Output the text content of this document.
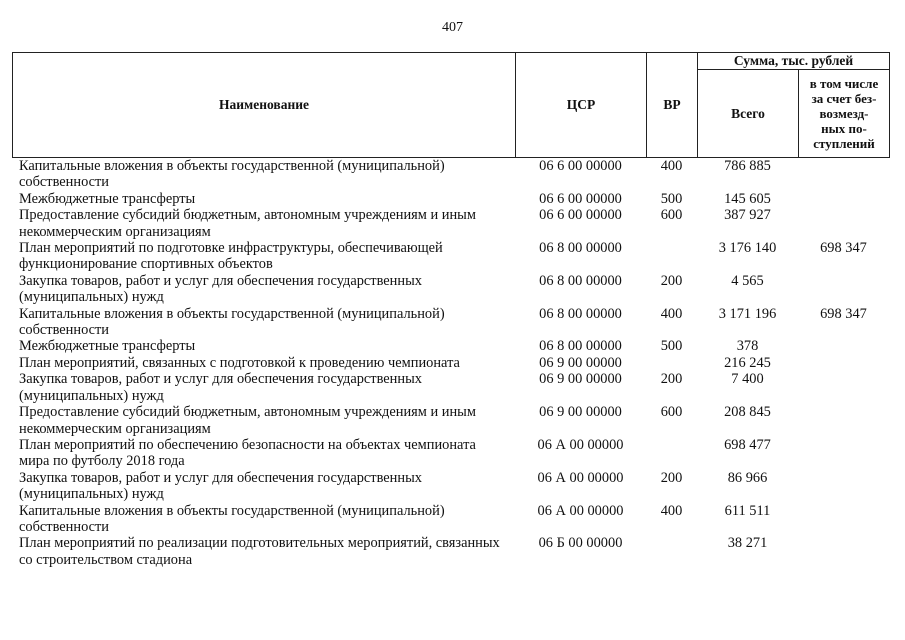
407
Наименование	ЦСР	ВР	Сумма, тыс. рублей	
			Всего	в том числе
за счет без-
возмезд-
ных по-
ступлений
Капитальные вложения в объекты государственной (муниципальной) собственности	06 6 00 00000	400	786 885	
Межбюджетные трансферты	06 6 00 00000	500	145 605	
Предоставление субсидий бюджетным, автономным учреждениям и иным некоммерческим организациям	06 6 00 00000	600	387 927	
План мероприятий по подготовке инфраструктуры, обеспечивающей функционирование спортивных объектов	06 8 00 00000		3 176 140	698 347
Закупка товаров, работ и услуг для обеспечения государственных (муниципальных) нужд	06 8 00 00000	200	4 565	
Капитальные вложения в объекты государственной (муниципальной) собственности	06 8 00 00000	400	3 171 196	698 347
Межбюджетные трансферты	06 8 00 00000	500	378	
План мероприятий, связанных с подготовкой к проведению чемпионата	06 9 00 00000		216 245	
Закупка товаров, работ и услуг для обеспечения государственных (муниципальных) нужд	06 9 00 00000	200	7 400	
Предоставление субсидий бюджетным, автономным учреждениям и иным некоммерческим организациям	06 9 00 00000	600	208 845	
План мероприятий по обеспечению безопасности на объектах чемпионата мира по футболу 2018 года	06 А 00 00000		698 477	
Закупка товаров, работ и услуг для обеспечения государственных (муниципальных) нужд	06 А 00 00000	200	86 966	
Капитальные вложения в объекты государственной (муниципальной) собственности	06 А 00 00000	400	611 511	
План мероприятий по реализации подготовительных мероприятий, связанных со строительством стадиона	06 Б 00 00000		38 271	
